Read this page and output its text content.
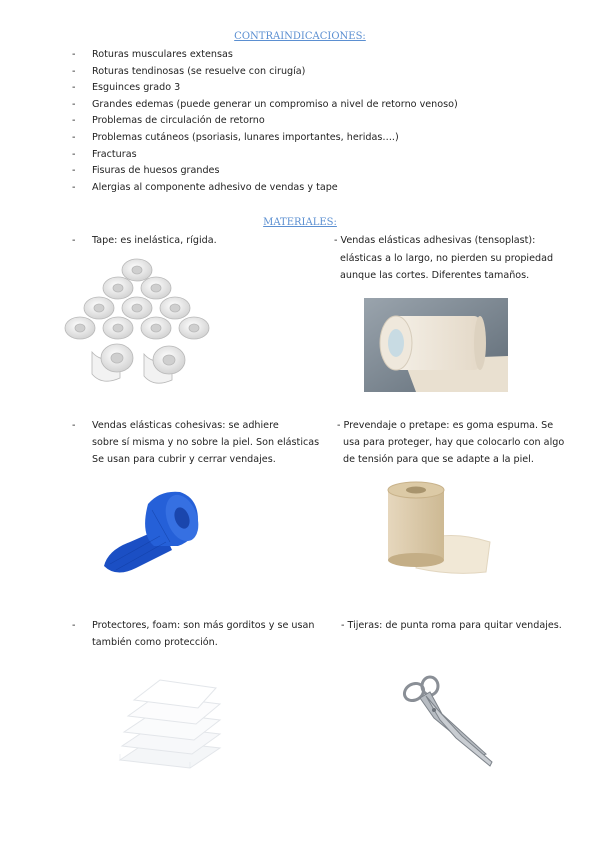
CONTRAINDICACIONES:
- Roturas musculares extensas
- Roturas tendinosas (se resuelve con cirugía)
- Esguinces grado 3
- Grandes edemas (puede generar un compromiso a nivel de retorno venoso)
- Problemas de circulación de retorno
- Problemas cutáneos (psoriasis, lunares importantes, heridas….)
- Fracturas
- Fisuras de huesos grandes
- Alergias al componente adhesivo de vendas y tape
MATERIALES:
- Tape: es inelástica, rígida.	- Vendas elásticas adhesivas (tensoplast):
elásticas a lo largo, no pierden su propiedad
aunque las cortes. Diferentes tamaños.
- Vendas elásticas cohesivas: se adhiere
sobre sí misma y no sobre la piel. Son elásticas
Se usan para cubrir y cerrar vendajes.
- Prevendaje o pretape: es goma espuma. Se
usa para proteger, hay que colocarlo con algo
de tensión para que se adapte a la piel.
- Protectores, foam: son más gorditos y se usan
también como protección.
- Tijeras: de punta roma para quitar vendajes.
